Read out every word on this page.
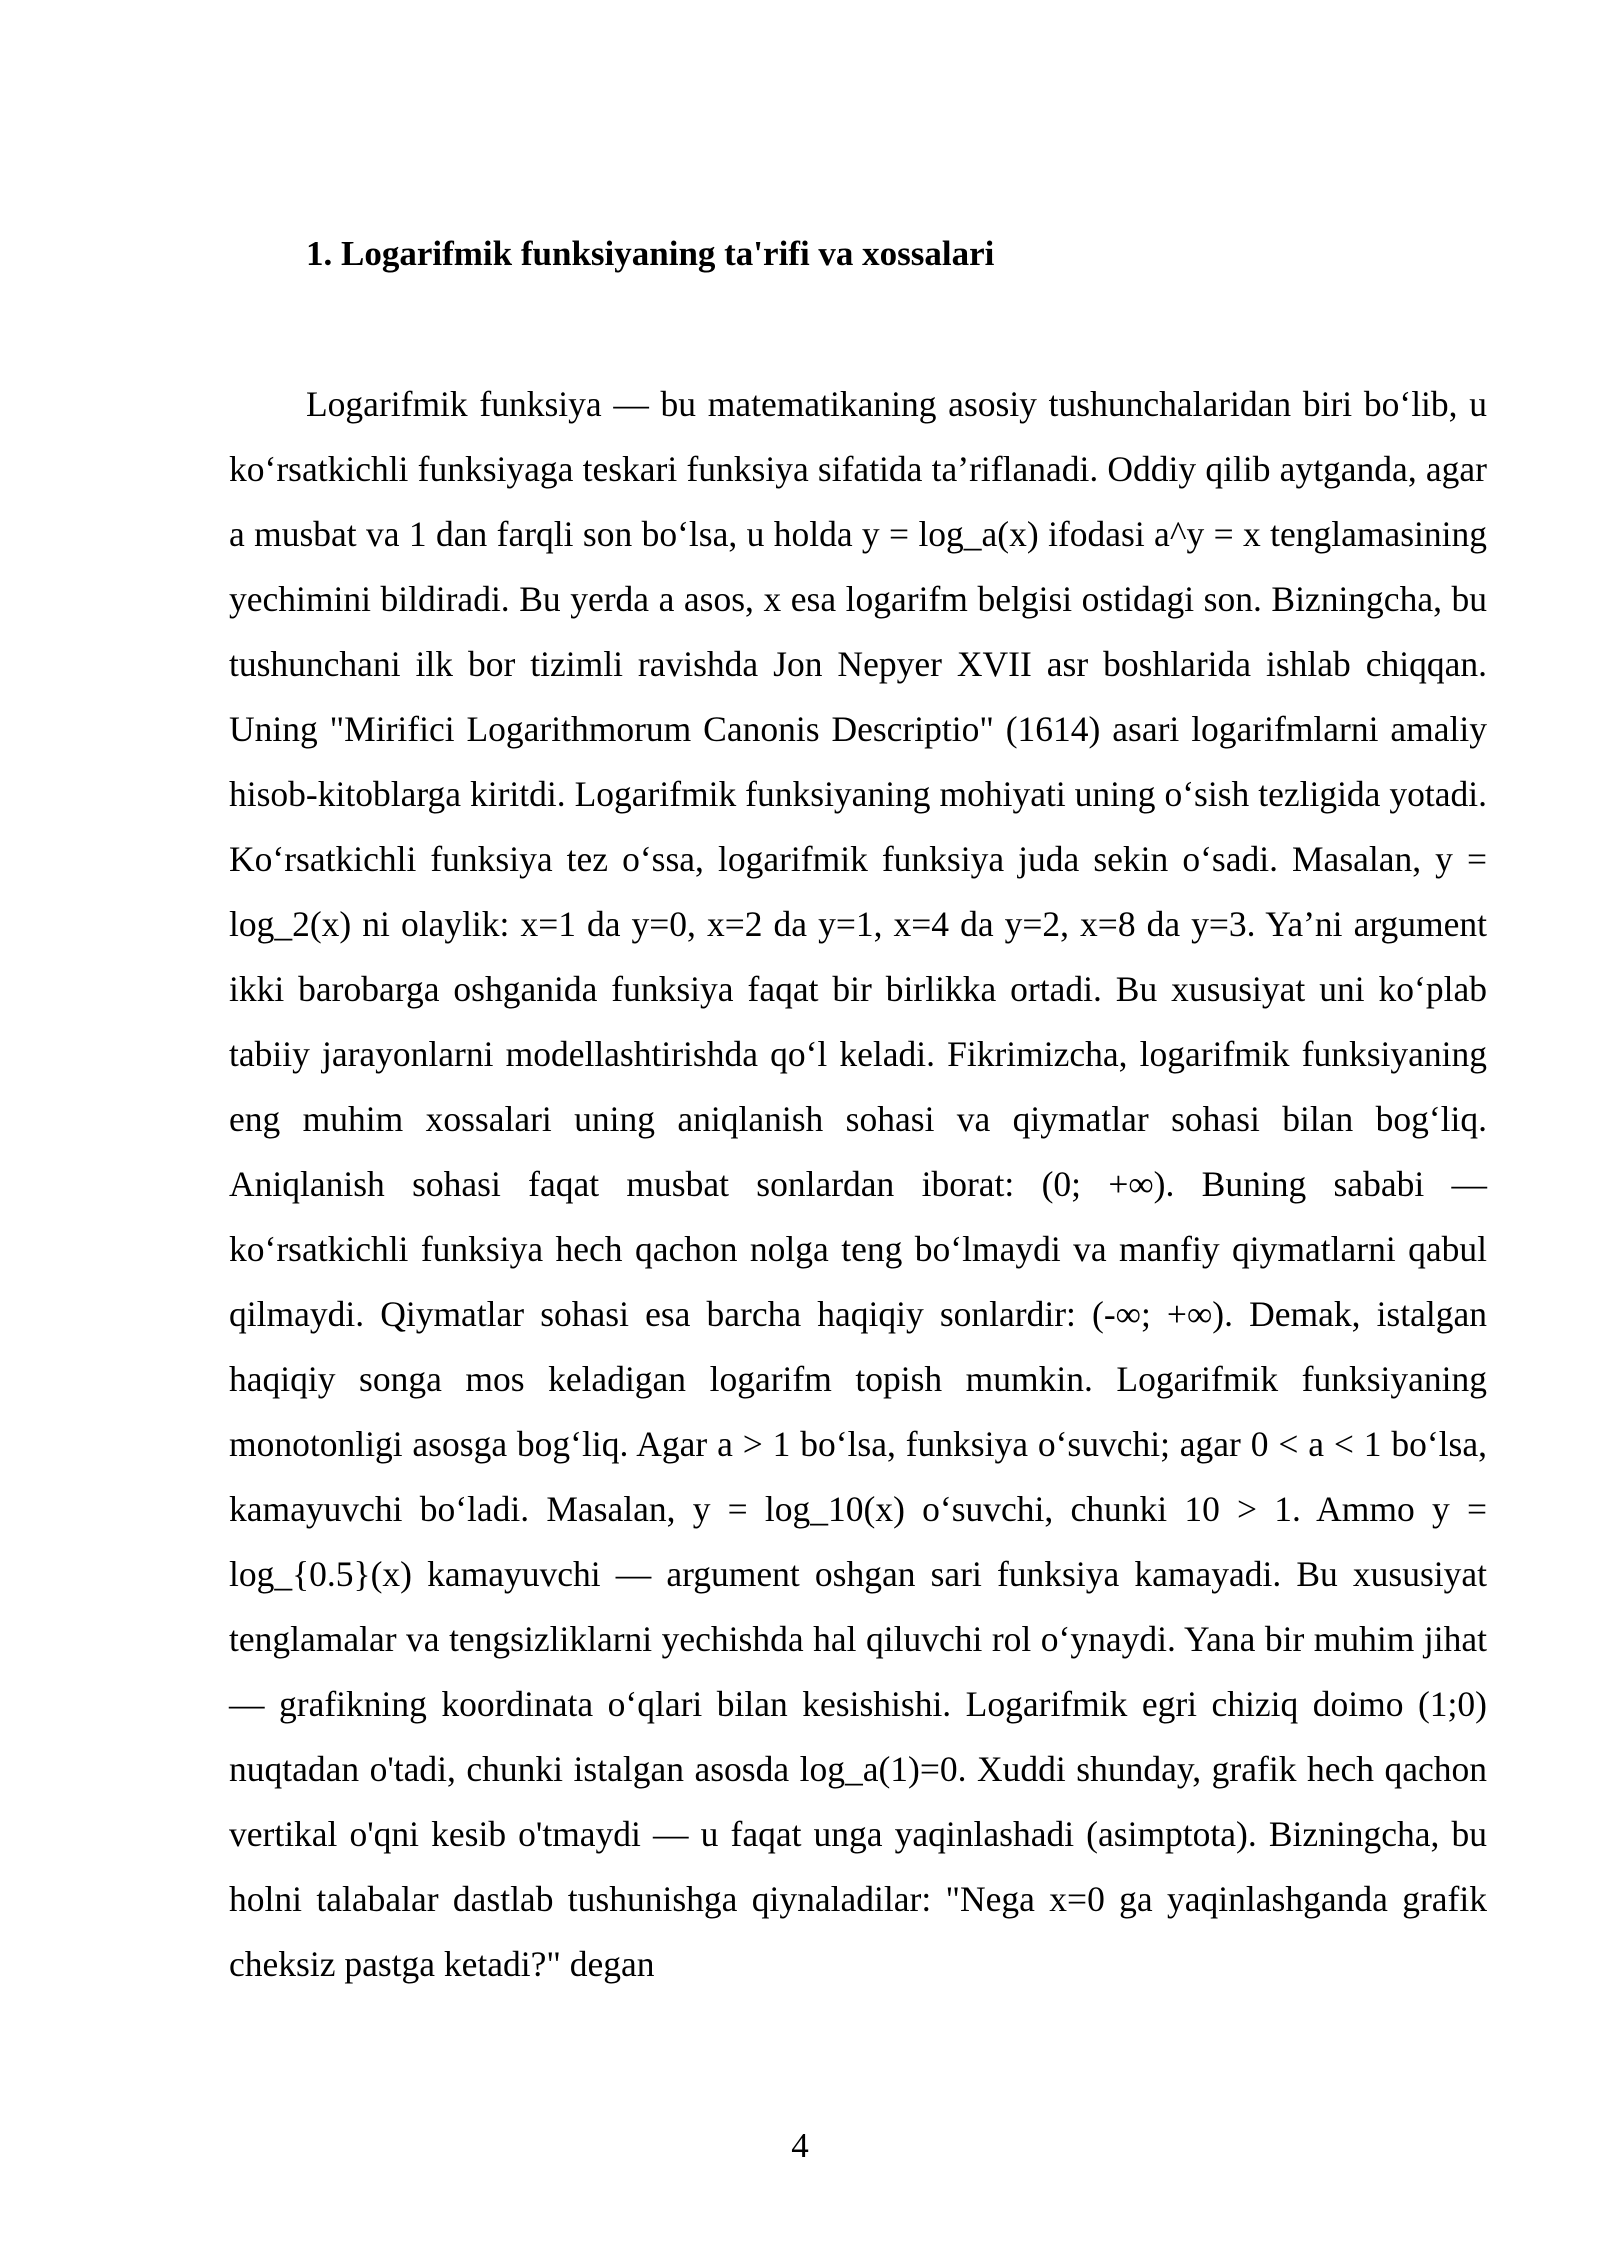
1. Logarifmik funksiyaning ta'rifi va xossalari

Logarifmik funksiya — bu matematikaning asosiy tushunchalaridan biri bo‘lib, u ko‘rsatkichli funksiyaga teskari funksiya sifatida ta’riflanadi. Oddiy qilib aytganda, agar a musbat va 1 dan farqli son bo‘lsa, u holda y = log_a(x) ifodasi a^y = x tenglamasining yechimini bildiradi. Bu yerda a asos, x esa logarifm belgisi ostidagi son. Bizningcha, bu tushunchani ilk bor tizimli ravishda Jon Nepyer XVII asr boshlarida ishlab chiqqan. Uning "Mirifici Logarithmorum Canonis Descriptio" (1614) asari logarifmlarni amaliy hisob-kitoblarga kiritdi. Logarifmik funksiyaning mohiyati uning o‘sish tezligida yotadi. Ko‘rsatkichli funksiya tez o‘ssa, logarifmik funksiya juda sekin o‘sadi. Masalan, y = log_2(x) ni olaylik: x=1 da y=0, x=2 da y=1, x=4 da y=2, x=8 da y=3. Ya’ni argument ikki barobarga oshganida funksiya faqat bir birlikka ortadi. Bu xususiyat uni ko‘plab tabiiy jarayonlarni modellashtirishda qo‘l keladi. Fikrimizcha, logarifmik funksiyaning eng muhim xossalari uning aniqlanish sohasi va qiymatlar sohasi bilan bog‘liq. Aniqlanish sohasi faqat musbat sonlardan iborat: (0; +∞). Buning sababi — ko‘rsatkichli funksiya hech qachon nolga teng bo‘lmaydi va manfiy qiymatlarni qabul qilmaydi. Qiymatlar sohasi esa barcha haqiqiy sonlardir: (-∞; +∞). Demak, istalgan haqiqiy songa mos keladigan logarifm topish mumkin. Logarifmik funksiyaning monotonligi asosga bog‘liq. Agar a > 1 bo‘lsa, funksiya o‘suvchi; agar 0 < a < 1 bo‘lsa, kamayuvchi bo‘ladi. Masalan, y = log_10(x) o‘suvchi, chunki 10 > 1. Ammo y = log_{0.5}(x) kamayuvchi — argument oshgan sari funksiya kamayadi. Bu xususiyat tenglamalar va tengsizliklarni yechishda hal qiluvchi rol o‘ynaydi. Yana bir muhim jihat — grafikning koordinata o‘qlari bilan kesishishi. Logarifmik egri chiziq doimo (1;0) nuqtadan o'tadi, chunki istalgan asosda log_a(1)=0. Xuddi shunday, grafik hech qachon vertikal o'qni kesib o'tmaydi — u faqat unga yaqinlashadi (asimptota). Bizningcha, bu holni talabalar dastlab tushunishga qiynaladilar: "Nega x=0 ga yaqinlashganda grafik cheksiz pastga ketadi?" degan

4
